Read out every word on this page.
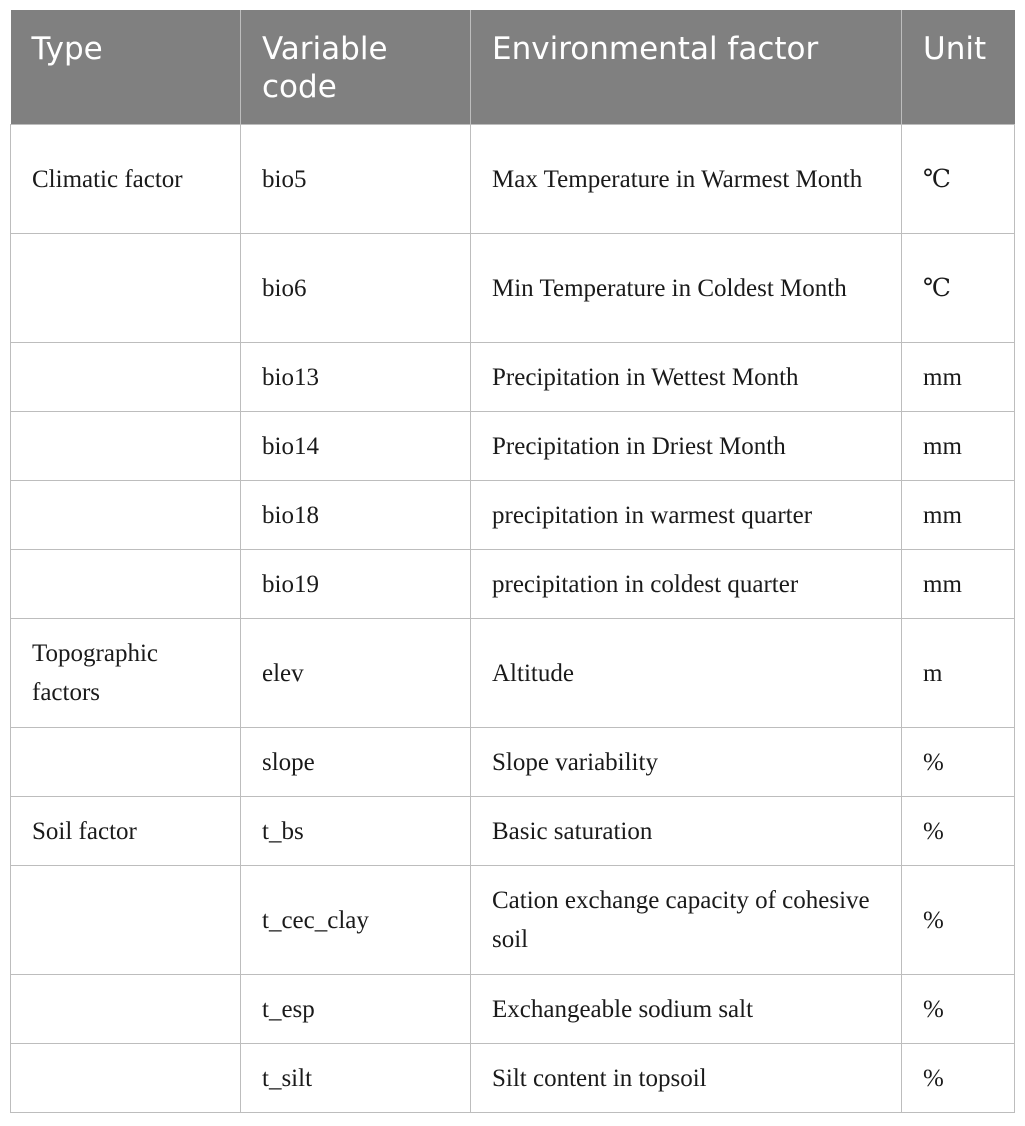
Type	Variable code	Environmental factor	Unit
Climatic factor	bio5	Max Temperature in Warmest Month	℃
	bio6	Min Temperature in Coldest Month	℃
	bio13	Precipitation in Wettest Month	mm
	bio14	Precipitation in Driest Month	mm
	bio18	precipitation in warmest quarter	mm
	bio19	precipitation in coldest quarter	mm
Topographic factors	elev	Altitude	m
	slope	Slope variability	%
Soil factor	t_bs	Basic saturation	%
	t_cec_clay	Cation exchange capacity of cohesive soil	%
	t_esp	Exchangeable sodium salt	%
	t_silt	Silt content in topsoil	%
